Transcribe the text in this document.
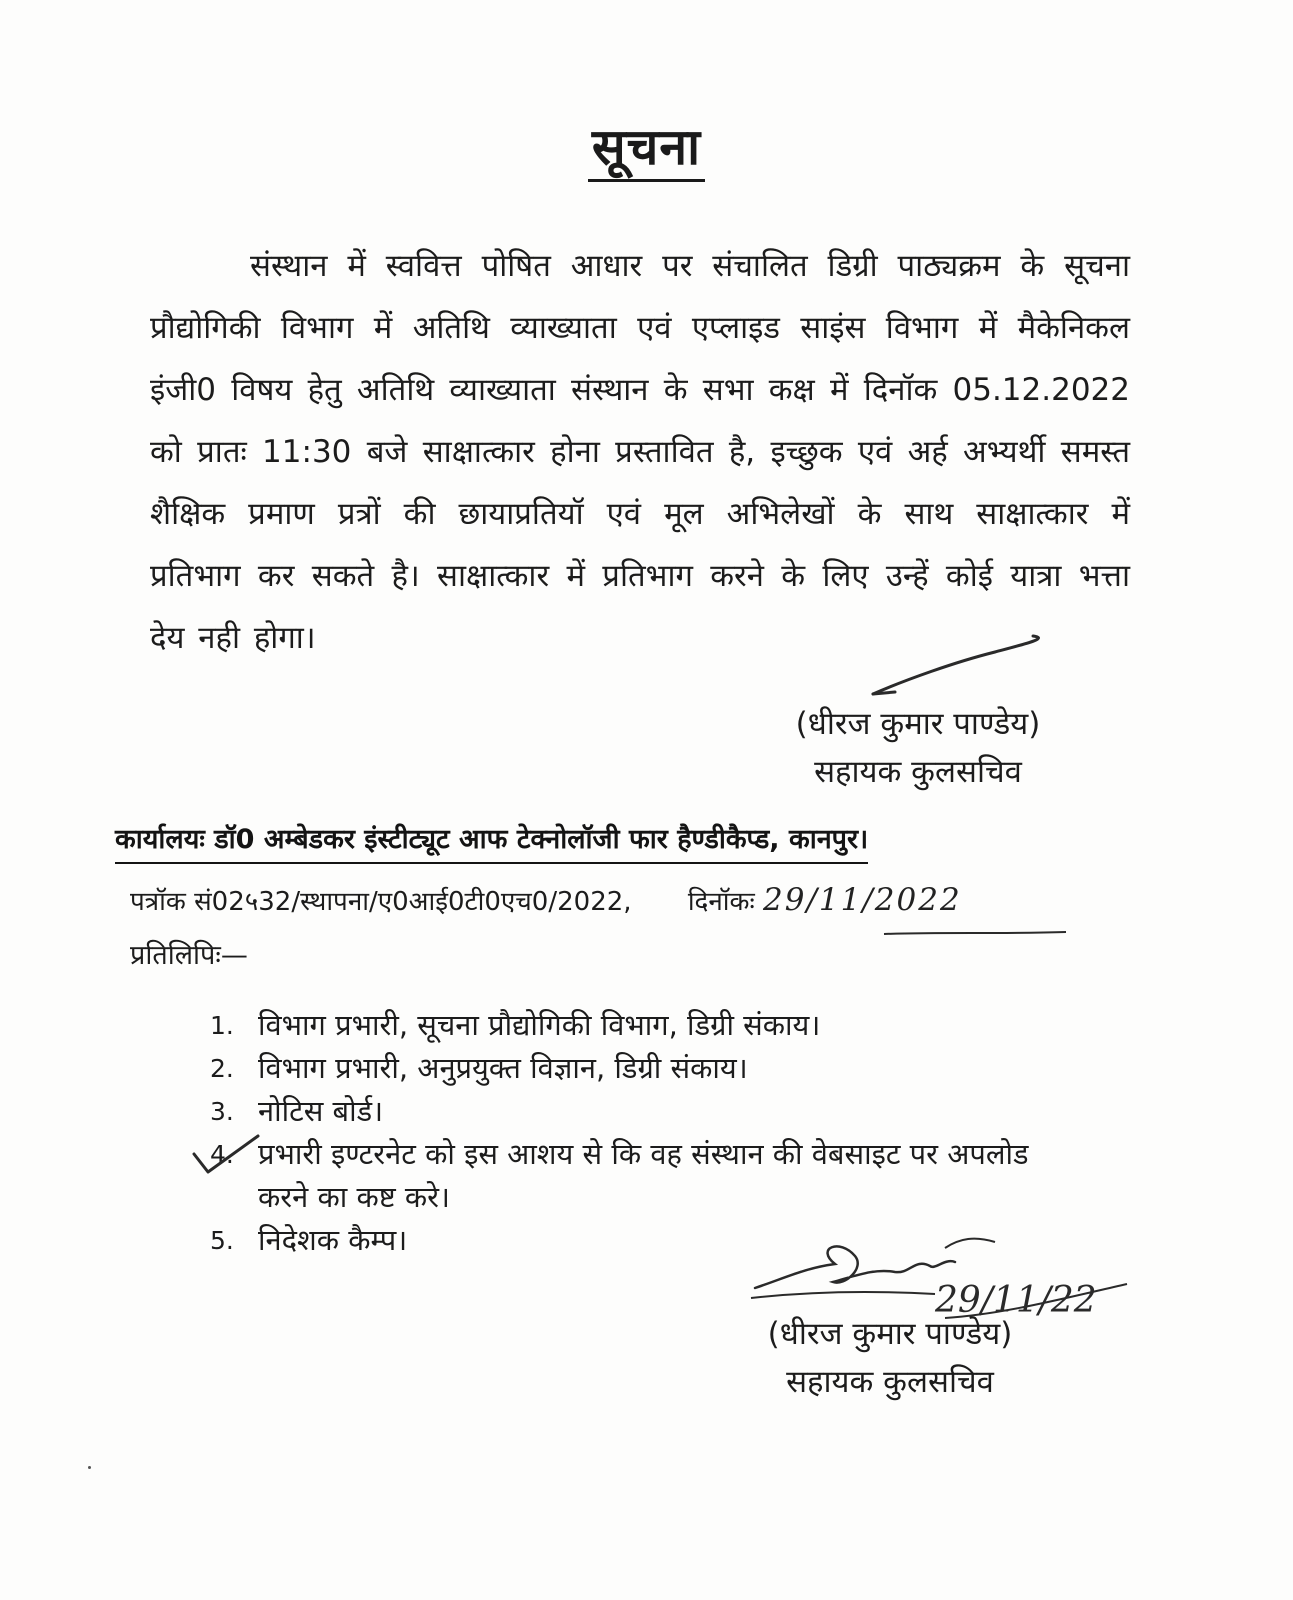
सूचना

संस्थान में स्ववित्त पोषित आधार पर संचालित डिग्री पाठ्यक्रम के सूचना प्रौद्योगिकी विभाग में अतिथि व्याख्याता एवं एप्लाइड साइंस विभाग में मैकेनिकल इंजी0 विषय हेतु अतिथि व्याख्याता संस्थान के सभा कक्ष में दिनॉक 05.12.2022 को प्रातः 11:30 बजे साक्षात्कार होना प्रस्तावित है, इच्छुक एवं अर्ह अभ्यर्थी समस्त शैक्षिक प्रमाण प्रत्रों की छायाप्रतियॉ एवं मूल अभिलेखों के साथ साक्षात्कार में प्रतिभाग कर सकते है। साक्षात्कार में प्रतिभाग करने के लिए उन्हें कोई यात्रा भत्ता देय नही होगा।

(धीरज कुमार पाण्डेय)
सहायक कुलसचिव
कार्यालयः डॉ0 अम्बेडकर इंस्टीट्यूट आफ टेक्नोलॉजी फार हैण्डीकैप्ड, कानपुर।
पत्रॉक सं02५32/स्थापना/ए0आई0टी0एच0/2022, दिनॉकः 29/11/2022
प्रतिलिपिः—
1. विभाग प्रभारी, सूचना प्रौद्योगिकी विभाग, डिग्री संकाय।
2. विभाग प्रभारी, अनुप्रयुक्त विज्ञान, डिग्री संकाय।
3. नोटिस बोर्ड।
4. प्रभारी इण्टरनेट को इस आशय से कि वह संस्थान की वेबसाइट पर अपलोड करने का कष्ट करे।
5. निदेशक कैम्प।
29/11/22
(धीरज कुमार पाण्डेय)
सहायक कुलसचिव
